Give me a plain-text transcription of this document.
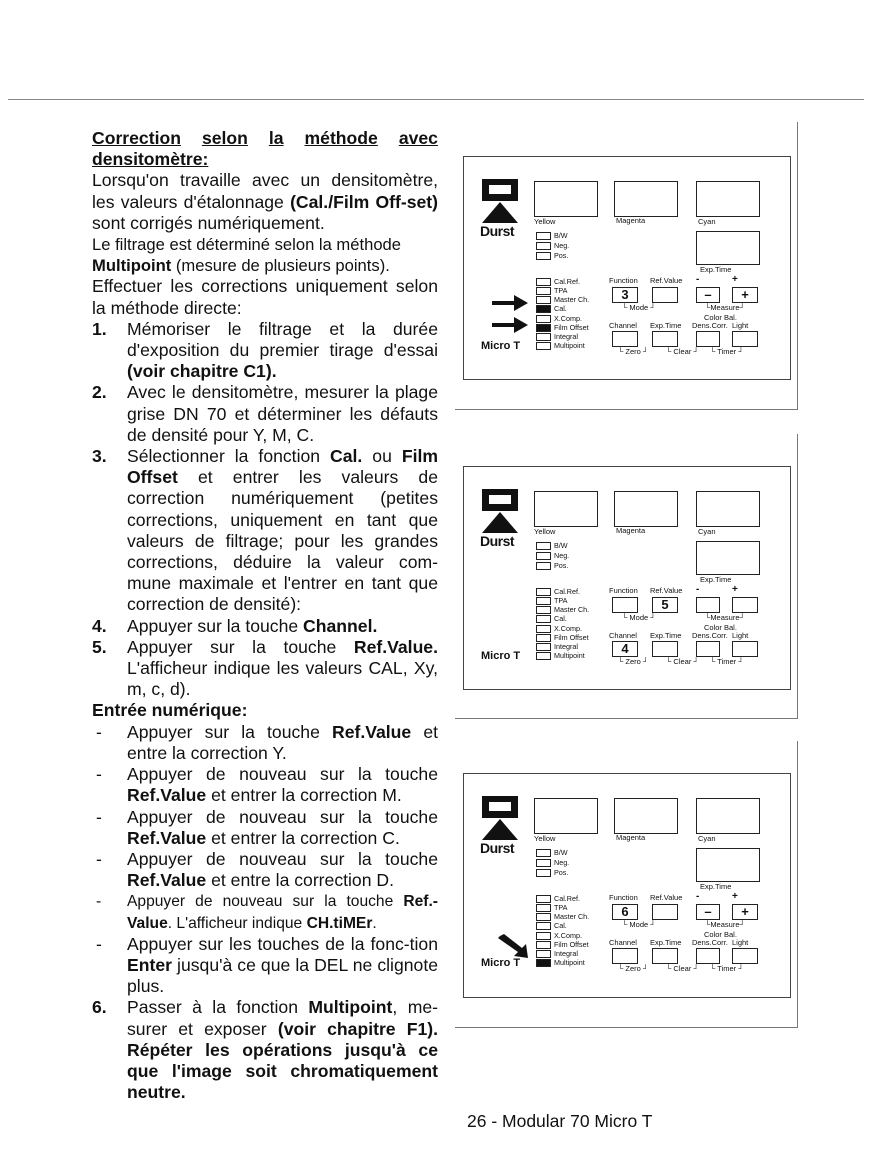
Correction selon la méthode avec
densitomètre:

Lorsqu'on travaille avec un densitomètre, les valeurs d'étalonnage (Cal./Film Off-set) sont corrigés numériquement.

Le filtrage est déterminé selon la méthode Multipoint (mesure de plusieurs points).

Effectuer les corrections uniquement selon la méthode directe:

1. Mémoriser le filtrage et la durée d'exposition du premier tirage d'essai (voir chapitre C1).
2. Avec le densitomètre, mesurer la plage grise DN 70 et déterminer les défauts de densité pour Y, M, C.
3. Sélectionner la fonction Cal. ou Film Offset et entrer les valeurs de correction numériquement (petites corrections, uniquement en tant que valeurs de filtrage; pour les grandes corrections, déduire la valeur com-mune maximale et l'entrer en tant que correction de densité):
4. Appuyer sur la touche Channel.
5. Appuyer sur la touche Ref.Value. L'afficheur indique les valeurs CAL, Xy, m, c, d).

Entrée numérique:

- Appuyer sur la touche Ref.Value et entre la correction Y.
- Appuyer de nouveau sur la touche Ref.Value et entrer la correction M.
- Appuyer de nouveau sur la touche Ref.Value et entrer la correction C.
- Appuyer de nouveau sur la touche Ref.Value et entre la correction D.
- Appuyer de nouveau sur la touche Ref.-Value. L'afficheur indique CH.tiMEr.
- Appuyer sur les touches de la fonc-tion Enter jusqu'à ce que la DEL ne clignote plus.
6. Passer à la fonction Multipoint, me-surer et exposer (voir chapitre F1). Répéter les opérations jusqu'à ce que l'image soit chromatiquement neutre.
26 - Modular 70 Micro T
Durst
Micro T
Yellow	Magenta	Cyan
Exp.Time
B/W
Neg.
Pos.
Cal.Ref.
TPA
Master Ch.
Cal.
X.Comp.
Film Offset
Integral
Multipoint
Function Ref.Value -	+
3	–	+
└ Mode ┘	└Measure┘
Color Bal.
Channel Exp.Time Dens.Corr. Light
└ Zero ┘ └ Clear ┘ └ Timer ┘
Durst
Micro T
Yellow	Magenta	Cyan
Exp.Time
B/W
Neg.
Pos.
Cal.Ref.
TPA
Master Ch.
Cal.
X.Comp.
Film Offset
Integral
Multipoint
Function Ref.Value -	+
5
└ Mode ┘	└Measure┘
Color Bal.
Channel Exp.Time Dens.Corr. Light
4
└ Zero ┘ └ Clear ┘ └ Timer ┘
Durst
Micro T
Yellow	Magenta	Cyan
Exp.Time
B/W
Neg.
Pos.
Cal.Ref.
TPA
Master Ch.
Cal.
X.Comp.
Film Offset
Integral
Multipoint
Function Ref.Value -	+
6	–	+
└ Mode ┘	└Measure┘
Color Bal.
Channel Exp.Time Dens.Corr. Light
└ Zero ┘ └ Clear ┘ └ Timer ┘
